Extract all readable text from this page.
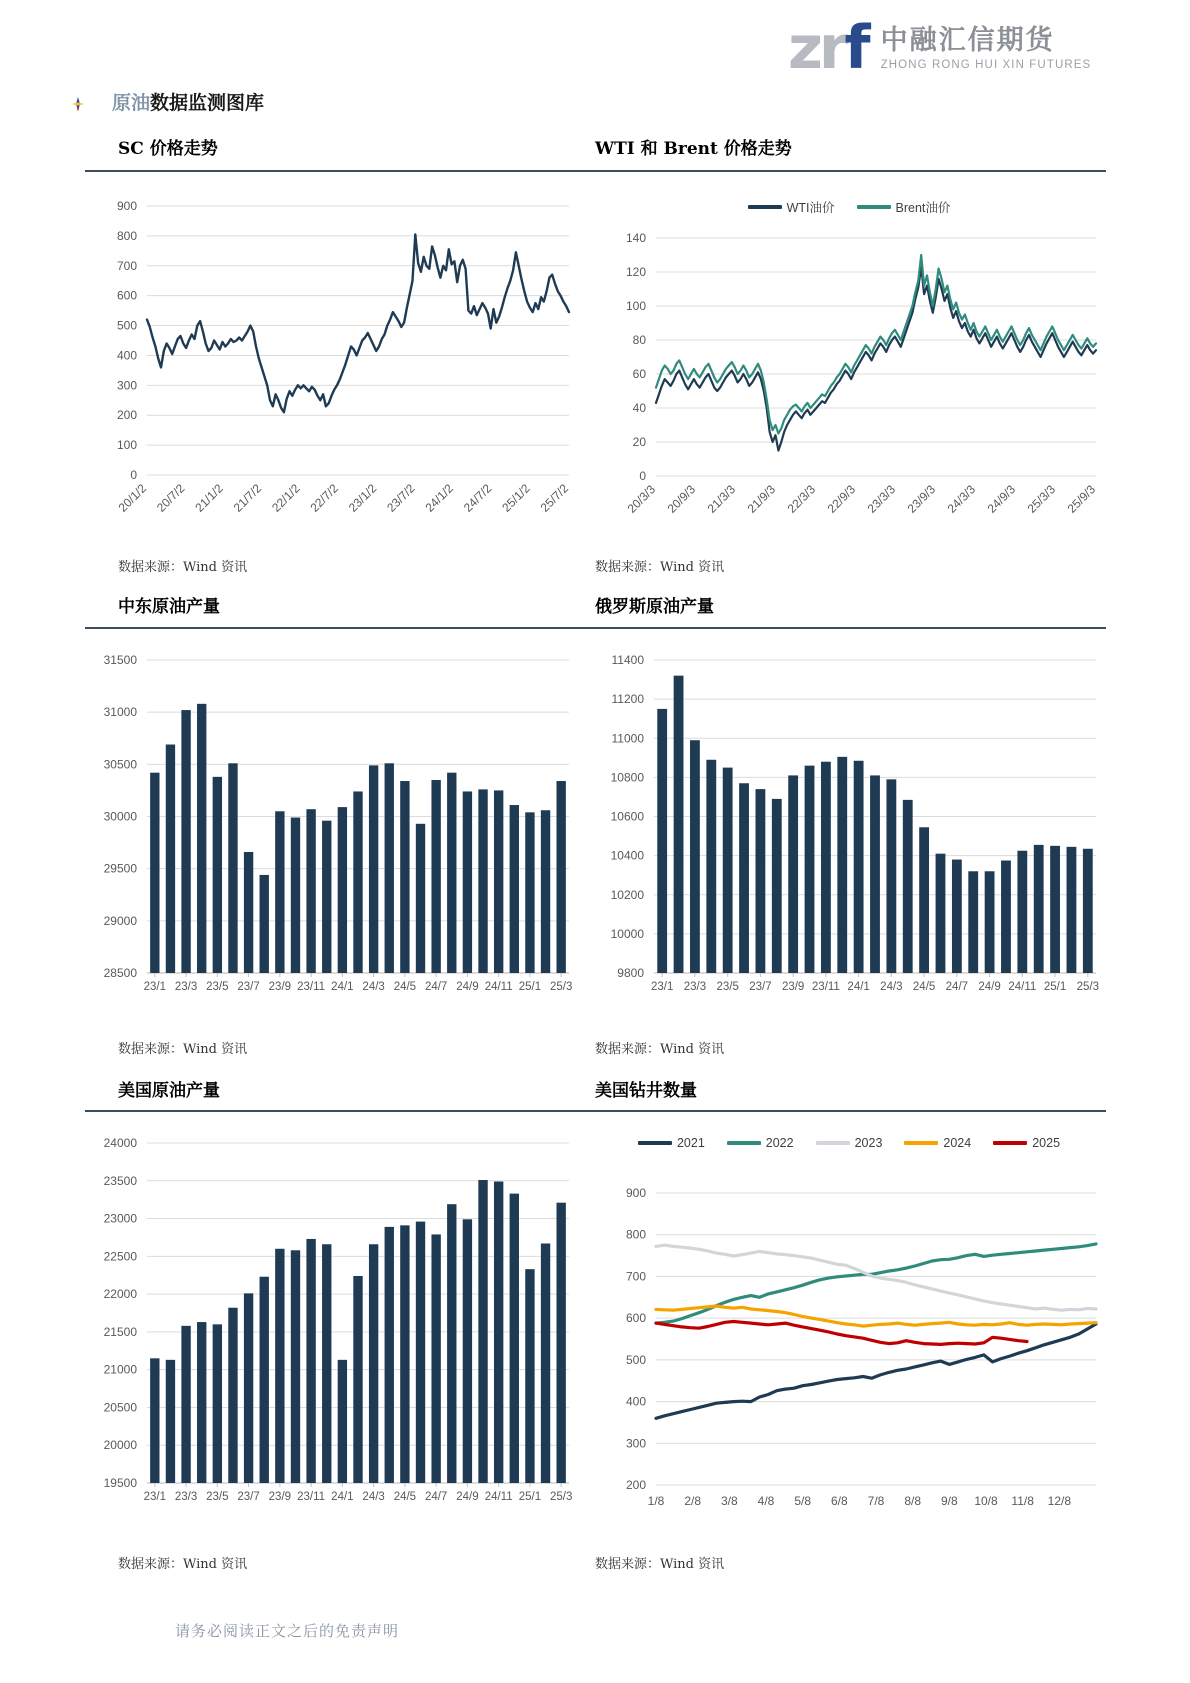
zrf 中融汇信期货
ZHONG RONG HUI XIN FUTURES
原油数据监测图库
SC 价格走势	WTI 和 Brent 价格走势
0
100
200
300
400
500
600
700
800
900
20/1/2 20/7/2 21/1/2 21/7/2 22/1/2 22/7/2 23/1/2 23/7/2 24/1/2 24/7/2 25/1/2 25/7/2
WTI油价	Brent油价
0
20
40
60
80
100
120
140
20/3/3 20/9/3 21/3/3 21/9/3 22/3/3 22/9/3 23/3/3 23/9/3 24/3/3 24/9/3 25/3/3 25/9/3
数据来源：Wind 资讯	数据来源：Wind 资讯
中东原油产量	俄罗斯原油产量
28500
29000
29500
30000
30500
31000
31500
23/1 23/3 23/5 23/7 23/9 23/11 24/1 24/3 24/5 24/7 24/9 24/11 25/1 25/3
9800
10000
10200
10400
10600
10800
11000
11200
11400
23/1 23/3 23/5 23/7 23/9 23/11 24/1 24/3 24/5 24/7 24/9 24/11 25/1 25/3
数据来源：Wind 资讯	数据来源：Wind 资讯
美国原油产量	美国钻井数量
19500
20000
20500
21000
21500
22000
22500
23000
23500
24000
23/1 23/3 23/5 23/7 23/9 23/11 24/1 24/3 24/5 24/7 24/9 24/11 25/1 25/3
2021	2022	2023	2024	2025
200
300
400
500
600
700
800
900
1/8 2/8 3/8 4/8 5/8 6/8 7/8 8/8 9/8 10/8 11/8 12/8
数据来源：Wind 资讯	数据来源：Wind 资讯
请务必阅读正文之后的免责声明
